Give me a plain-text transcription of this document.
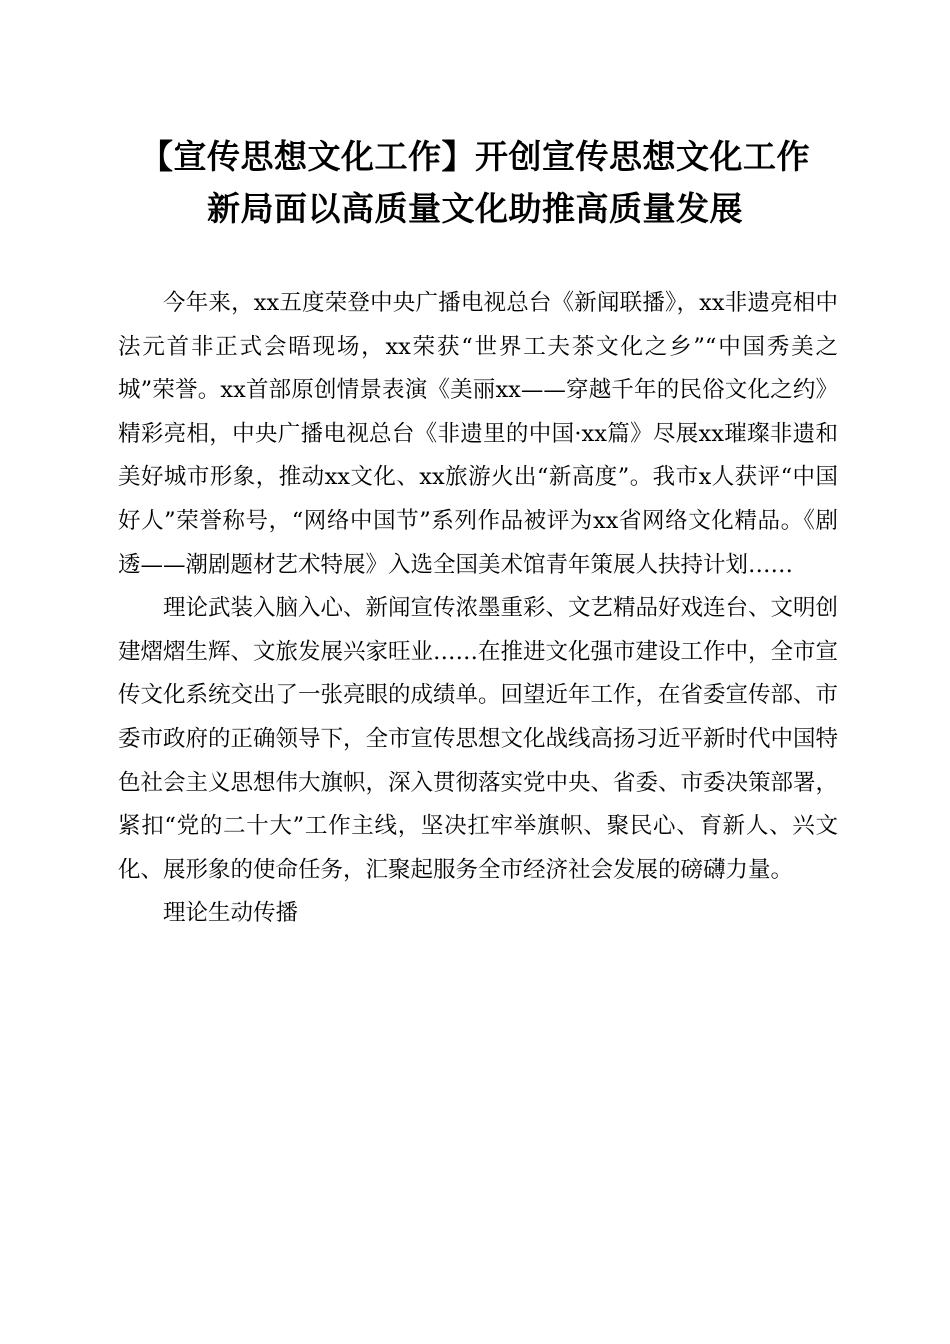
【宣传思想文化工作】开创宣传思想文化工作
新局面以高质量文化助推高质量发展

今年来，xx五度荣登中央广播电视总台《新闻联播》，xx非遗亮相中法元首非正式会晤现场，xx荣获“世界工夫茶文化之乡”“中国秀美之城”荣誉。xx首部原创情景表演《美丽xx——穿越千年的民俗文化之约》精彩亮相，中央广播电视总台《非遗里的中国·xx篇》尽展xx璀璨非遗和美好城市形象，推动xx文化、xx旅游火出“新高度”。我市x人获评“中国好人”荣誉称号，“网络中国节”系列作品被评为xx省网络文化精品。《剧透——潮剧题材艺术特展》入选全国美术馆青年策展人扶持计划……

理论武装入脑入心、新闻宣传浓墨重彩、文艺精品好戏连台、文明创建熠熠生辉、文旅发展兴家旺业……在推进文化强市建设工作中，全市宣传文化系统交出了一张亮眼的成绩单。回望近年工作，在省委宣传部、市委市政府的正确领导下，全市宣传思想文化战线高扬习近平新时代中国特色社会主义思想伟大旗帜，深入贯彻落实党中央、省委、市委决策部署，紧扣“党的二十大”工作主线，坚决扛牢举旗帜、聚民心、育新人、兴文化、展形象的使命任务，汇聚起服务全市经济社会发展的磅礴力量。

理论生动传播
